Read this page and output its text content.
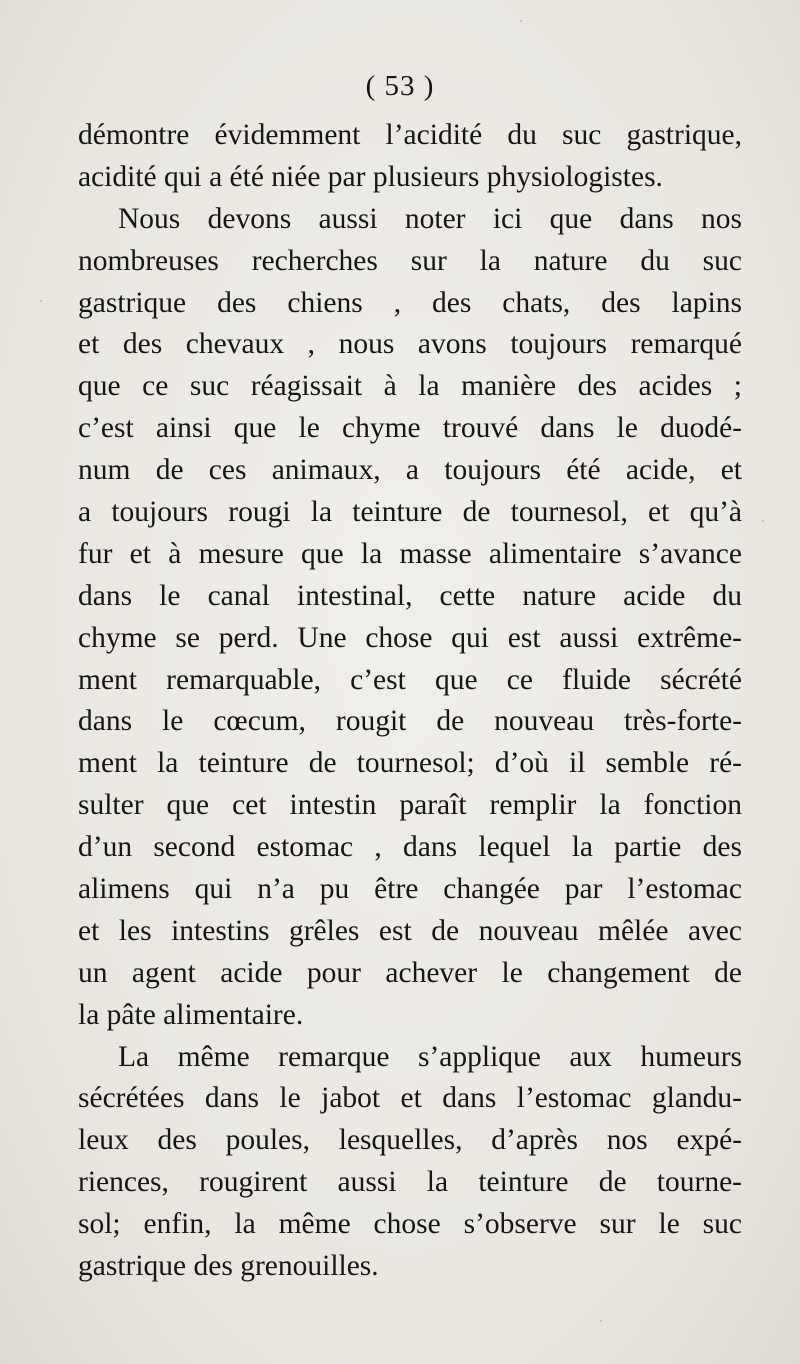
( 53 )
démontre évidemment l’acidité du suc gastrique,
acidité qui a été niée par plusieurs physiologistes.
Nous devons aussi noter ici que dans nos
nombreuses recherches sur la nature du suc
gastrique des chiens , des chats, des lapins
et des chevaux , nous avons toujours remarqué
que ce suc réagissait à la manière des acides ;
c’est ainsi que le chyme trouvé dans le duodé-
num de ces animaux, a toujours été acide, et
a toujours rougi la teinture de tournesol, et qu’à
fur et à mesure que la masse alimentaire s’avance
dans le canal intestinal, cette nature acide du
chyme se perd. Une chose qui est aussi extrême-
ment remarquable, c’est que ce fluide sécrété
dans le cœcum, rougit de nouveau très-forte-
ment la teinture de tournesol; d’où il semble ré-
sulter que cet intestin paraît remplir la fonction
d’un second estomac , dans lequel la partie des
alimens qui n’a pu être changée par l’estomac
et les intestins grêles est de nouveau mêlée avec
un agent acide pour achever le changement de
la pâte alimentaire.
La même remarque s’applique aux humeurs
sécrétées dans le jabot et dans l’estomac glandu-
leux des poules, lesquelles, d’après nos expé-
riences, rougirent aussi la teinture de tourne-
sol; enfin, la même chose s’observe sur le suc
gastrique des grenouilles.
